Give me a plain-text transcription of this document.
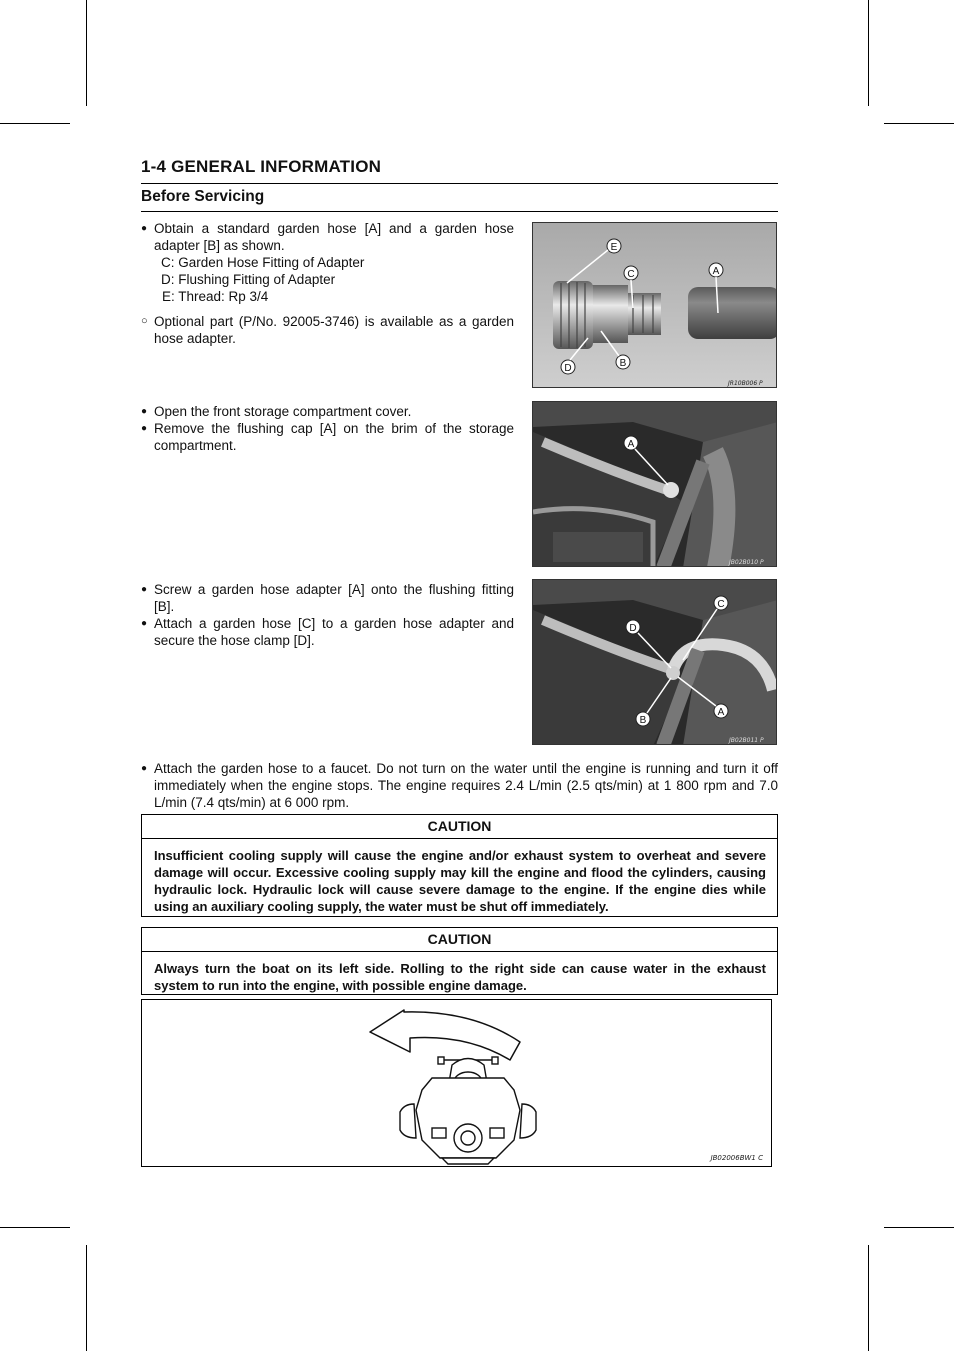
1-4 GENERAL INFORMATION
Before Servicing
● Obtain a standard garden hose [A] and a garden hose adapter [B] as shown.
C: Garden Hose Fitting of Adapter
D: Flushing Fitting of Adapter
E: Thread: Rp 3/4
○ Optional part (P/No. 92005-3746) is available as a garden hose adapter.
E
C	A
D	B
JR10B006 P
● Open the front storage compartment cover.
● Remove the flushing cap [A] on the brim of the storage compartment.	A
JB02B010 P
● Screw a garden hose adapter [A] onto the flushing fitting [B].
● Attach a garden hose [C] to a garden hose adapter and secure the hose clamp [D].
C
D
B
A
JB02B011 P
● Attach the garden hose to a faucet. Do not turn on the water until the engine is running and turn it off immediately when the engine stops. The engine requires 2.4 L/min (2.5 qts/min) at 1 800 rpm and 7.0 L/min (7.4 qts/min) at 6 000 rpm.
CAUTION
Insufficient cooling supply will cause the engine and/or exhaust system to overheat and severe damage will occur. Excessive cooling supply may kill the engine and flood the cylinders, causing hydraulic lock. Hydraulic lock will cause severe damage to the engine. If the engine dies while using an auxiliary cooling supply, the water must be shut off immediately.
CAUTION
Always turn the boat on its left side. Rolling to the right side can cause water in the exhaust system to run into the engine, with possible engine damage.
JB02006BW1 C
